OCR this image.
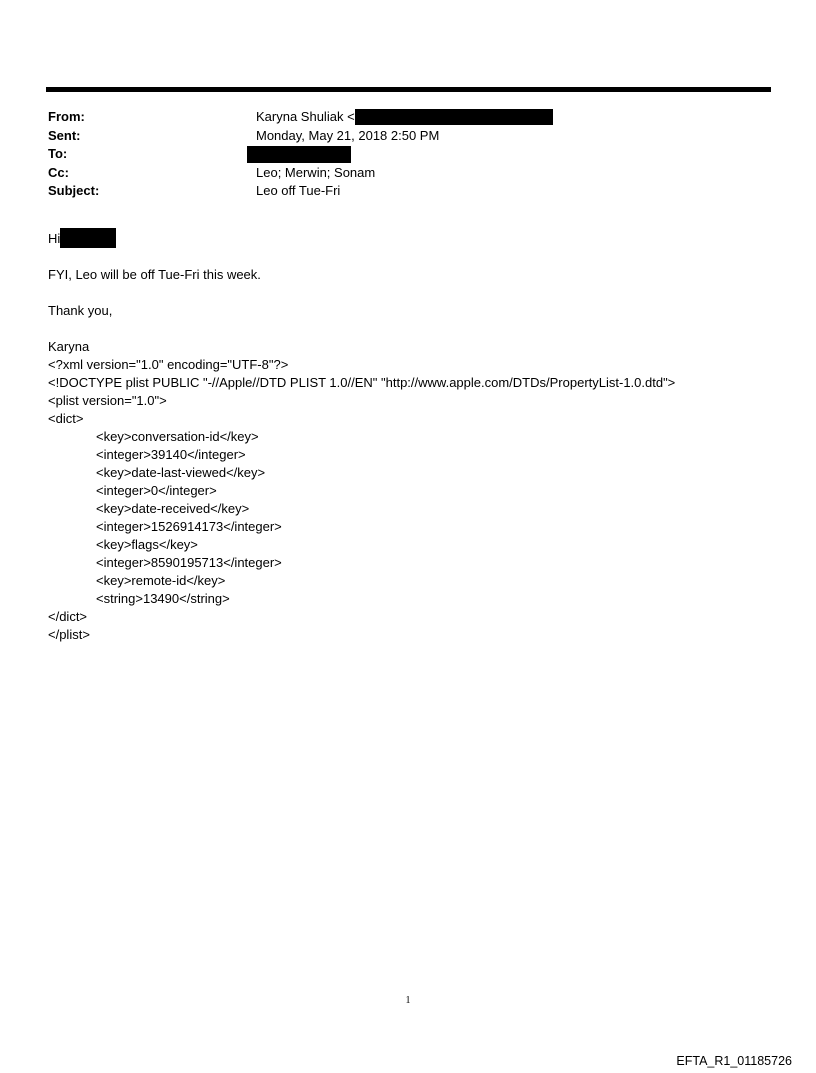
From:	Karyna Shuliak <
Sent:	Monday, May 21, 2018 2:50 PM
To:
Cc:	Leo; Merwin; Sonam
Subject:	Leo off Tue-Fri

Hi

FYI, Leo will be off Tue-Fri this week.

Thank you,

Karyna

<?xml version="1.0" encoding="UTF-8"?>

<!DOCTYPE plist PUBLIC "-//Apple//DTD PLIST 1.0//EN" "http://www.apple.com/DTDs/PropertyList-1.0.dtd">

<plist version="1.0">

<dict>

<key>conversation-id</key>

<integer>39140</integer>

<key>date-last-viewed</key>

<integer>0</integer>

<key>date-received</key>

<integer>1526914173</integer>

<key>flags</key>

<integer>8590195713</integer>

<key>remote-id</key>

<string>13490</string>

</dict>

</plist>

1
EFTA_R1_01185726
